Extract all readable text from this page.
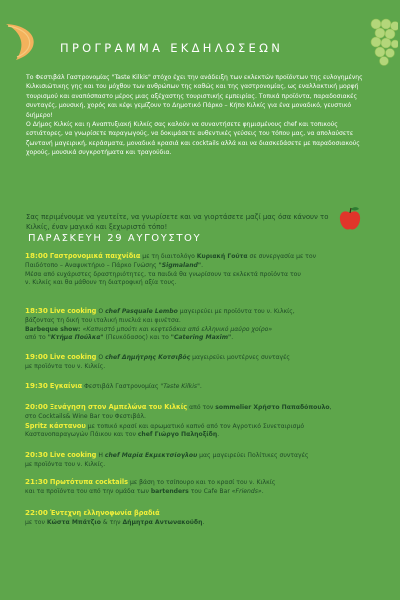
ΠΡΟΓΡΑΜΜΑ ΕΚΔΗΛΩΣΕΩΝ
Το Φεστιβάλ Γαστρονομίας "Taste Kilkis" στόχο έχει την ανάδειξη των εκλεκτών προϊόντων της ευλογημένης Κιλκισιώτικης γης και του μόχθου των ανθρώπων της καθώς και της γαστρονομίας, ως εναλλακτική μορφή τουρισμού και αναπόσπαστο μέρος μιας αξέχαστης τουριστικής εμπειρίας. Τοπικά προϊόντα, παραδοσιακές συνταγές, μουσική, χορός και κέφι γεμίζουν το Δημοτικό Πάρκο – Κήπο Κιλκίς για ένα μοναδικό, γευστικό διήμερο!
Ο Δήμος Κιλκίς και η Αναπτυξιακή Κιλκίς σας καλούν να συναντήσετε φημισμένους chef και τοπικούς εστιάτορες, να γνωρίσετε παραγωγούς, να δοκιμάσετε αυθεντικές γεύσεις του τόπου μας, να απολαύσετε ζωντανή μαγειρική, κεράσματα, μοναδικά κρασιά και cocktails αλλά και να διασκεδάσετε με παραδοσιακούς χορούς, μουσικά συγκροτήματα και τραγούδια.
Σας περιμένουμε να γευτείτε, να γνωρίσετε και να γιορτάσετε μαζί μας όσα κάνουν το Κιλκίς, έναν μαγικό και ξεχωριστό τόπο!
ΠΑΡΑΣΚΕΥΗ 29 ΑΥΓΟΥΣΤΟΥ
18:00 Γαστρονομικά παιχνίδια με τη διαιτολόγο Κυριακή Γούτα σε συνεργασία με τον
Παιδότοπο – Αναψυκτήριο – Πάρκο Γνώσης "Sigmaland".
Μέσα από ευχάριστες δραστηριότητες, τα παιδιά θα γνωρίσουν τα εκλεκτά προϊόντα του
ν. Κιλκίς και θα μάθουν τη διατροφική αξία τους.
18:30 Live cooking Ο chef Pasquale Lembo μαγειρεύει με προϊόντα του ν. Κιλκίς,
βάζοντας τη δική του ιταλική πινελιά και φινέτσα.
Barbeque show: «Καπνιστό μπούτι και κεφτεδάκια από ελληνικό μαύρο χοίρο»
από το "Κτήμα Πούλκα" (Πευκόδασος) και το "Catering Maxim".
19:00 Live cooking Ο chef Δημήτρης Κοτσιβός μαγειρεύει μοντέρνες συνταγές
με προϊόντα του ν. Κιλκίς.
19:30 Εγκαίνια Φεστιβάλ Γαστρονομίας "Taste Kilkis".
20:00 Ξενάγηση στον Αμπελώνα του Κιλκίς από τον sommelier Χρήστο Παπαδόπουλο,
στο Cocktails& Wine Bar του Φεστιβάλ.
Spritz κάστανου με τοπικό κρασί και αρωματικό καπνό από τον Αγροτικό Συνεταιρισμό
Καστανοπαραγωγών Πάικου και τον chef Γιώργο Παληοξίδη.
20:30 Live cooking Η chef Μαρία Εκμεκτσίογλου μας μαγειρεύει Πολίτικες συνταγές
με προϊόντα του ν. Κιλκίς.
21:30 Πρωτότυπα cocktails με βάση το τσίπουρο και το κρασί του ν. Κιλκίς
και τα προϊόντα του από την ομάδα των bartenders του Cafe Bar «Friends».
22:00 Έντεχνη ελληνοφωνία βραδιά
με τον Κώστα Μπάτζιο & την Δήμητρα Αντωνακούδη.
